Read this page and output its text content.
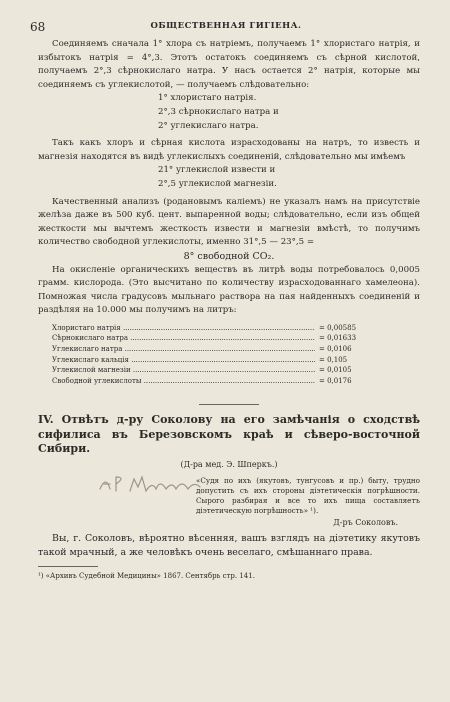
68	ОБЩЕСТВЕННАЯ ГИГІЕНА.

Соединяемъ сначала 1° хлора съ натріемъ, получаемъ 1° хлористаго натрія, и избытокъ натрія = 4°,3. Этотъ остатокъ соединяемъ съ сѣрной кислотой, получаемъ 2°,3 сѣрнокислаго натра. У насъ остается 2° натрія, которые мы соединяемъ съ углекислотой, — получаемъ слѣдовательно:

1° хлористаго натрія.
2°,3 сѣрнокислаго натра и
2° углекислаго натра.

Такъ какъ хлоръ и сѣрная кислота израсходованы на натръ, то известь и магнезія находятся въ видѣ углекислыхъ соединеній, слѣдовательно мы имѣемъ

21° углекислой извести и
2°,5 углекислой магнезіи.

Качественный анализъ (родановымъ каліемъ) не указалъ намъ на присутствіе желѣза даже въ 500 куб. цент. выпаренной воды; слѣдовательно, если изъ общей жесткости мы вычтемъ жесткость извести и магнезіи вмѣстѣ, то получимъ количество свободной углекислоты, именно 31°,5 — 23°,5 =

8° свободной CO₂.

На окисленіе органическихъ веществъ въ литрѣ воды потребовалось 0,0005 грамм. кислорода. (Это высчитано по количеству израсходованнаго хамелеона). Помножая числа градусовъ мыльнаго раствора на пая найденныхъ соединеній и раздѣляя на 10.000 мы получимъ на литръ:

Хлористаго натрія .....	= 0,00585
Сѣрнокислаго натра .....	= 0,01633
Углекислаго натра .....	= 0,0106
Углекислаго кальція .....	= 0,105
Углекислой магнезіи .....	= 0,0105
Свободной углекислоты .....	= 0,0176
IV. Отвѣтъ д-ру Соколову на его замѣчанія о сходствѣ сифилиса въ Березовскомъ краѣ и сѣверо-восточной Сибири.
(Д-ра мед. Э. Шперкъ.)
«Судя по ихъ (якутовъ, тунгусовъ и пр.) быту, трудно допустить съ ихъ стороны діэтетическія погрѣшности. Сырого разбирая и все то ихъ пища составляетъ діэтетическую погрѣшность» ¹).
Д-ръ Соколовъ.

Вы, г. Соколовъ, вѣроятно вѣсенняя, вашъ взглядъ на діэтетику якутовъ такой мрачный, а же человѣкъ очень веселаго, смѣшаннаго права.

¹) «Архивъ Судебной Медицины» 1867. Сентябрь стр. 141.
